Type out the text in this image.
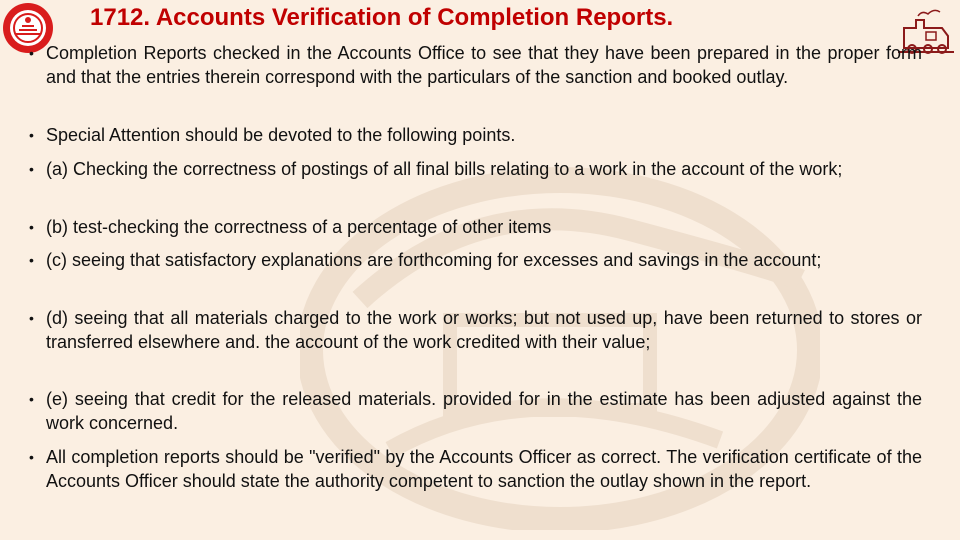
1712. Accounts Verification of Completion Reports.
• Completion Reports checked in the Accounts Office to see that they have been prepared in the proper form and that the entries therein correspond with the particulars of the sanction and booked outlay.
• Special Attention should be devoted to the following points.
• (a) Checking the correctness of postings of all final bills relating to a work in the account of the work;
• (b) test-checking the correctness of a percentage of other items
• (c) seeing that satisfactory explanations are forthcoming for excesses and savings in the account;
• (d) seeing that all materials charged to the work or works; but not used up, have been returned to stores or transferred elsewhere and. the account of the work credited with their value;
• (e) seeing that credit for the released materials. provided for in the estimate has been adjusted against the work concerned.
• All completion reports should be "verified" by the Accounts Officer as correct. The verification certificate of the Accounts Officer should state the authority competent to sanction the outlay shown in the report.
